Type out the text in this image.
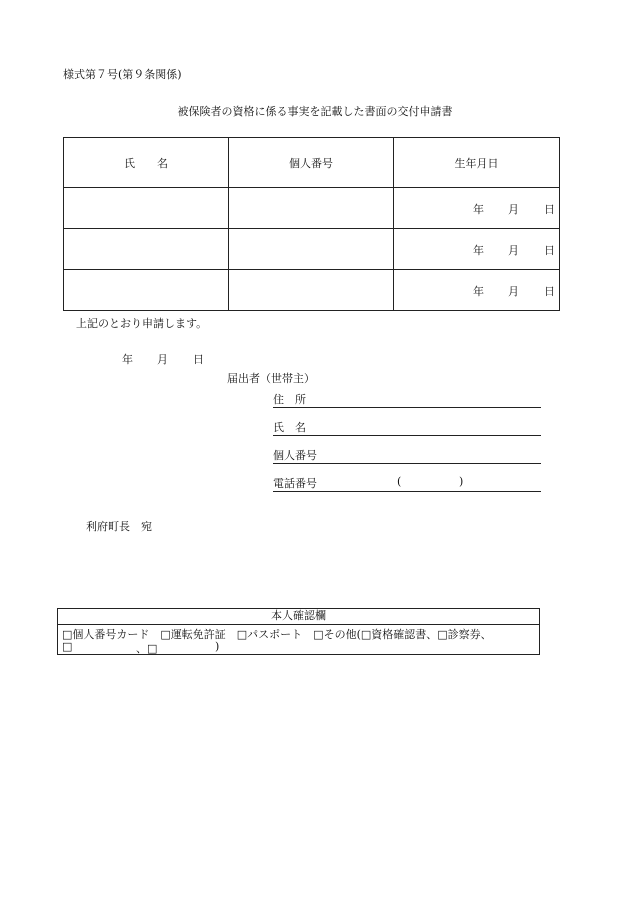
様式第７号(第９条関係)
被保険者の資格に係る事実を記載した書面の交付申請書
氏　　名	個人番号	生年月日

		年 月 日

		年 月 日

		年 月 日
上記のとおり申請します。
年 月 日
届出者（世帯主）
住　所
氏　名
個人番号
電話番号	(	)
利府町長　宛
本人確認欄
□個人番号カード　□運転免許証　□パスポート　□その他(□資格確認書、□診察券、
□	、□	)
